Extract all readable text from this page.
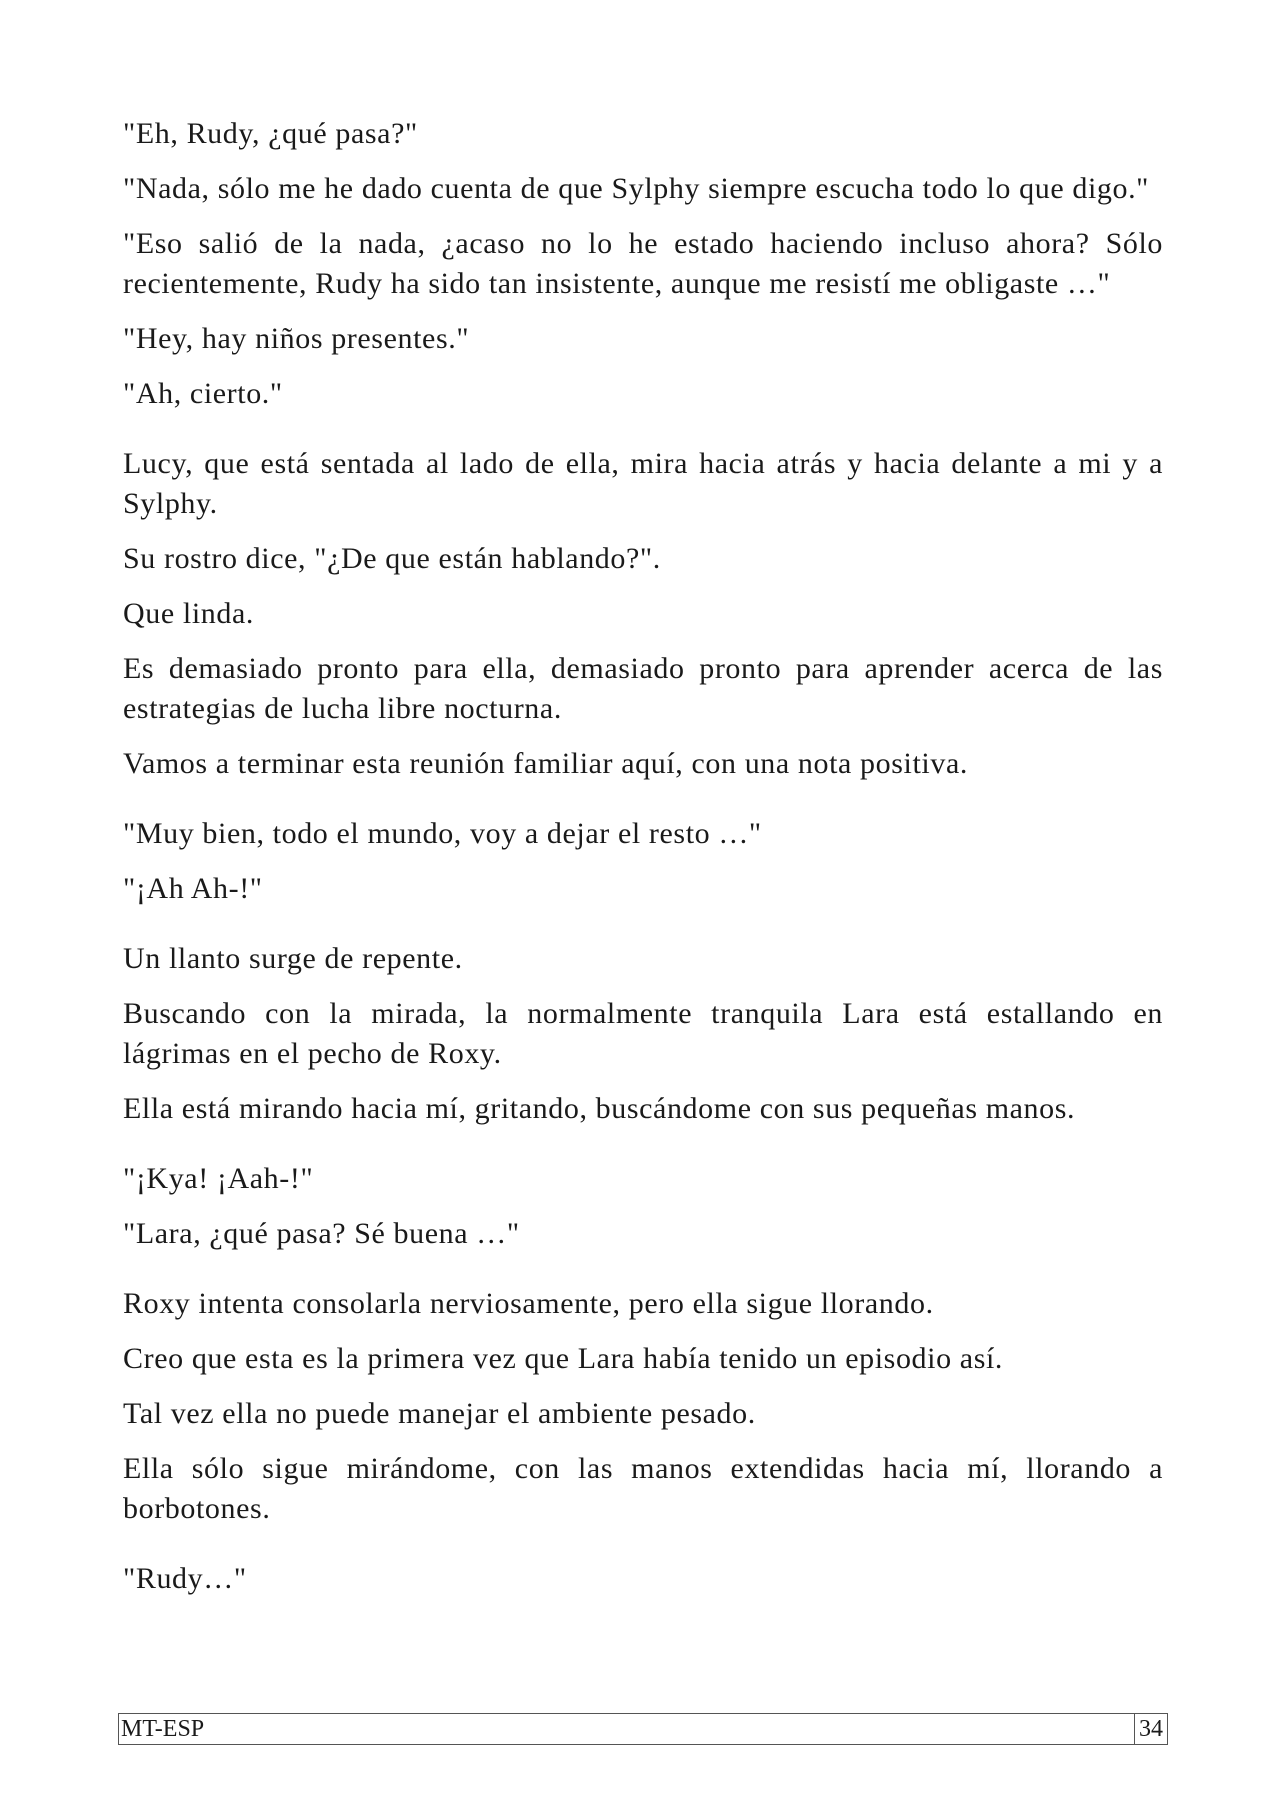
"Eh, Rudy, ¿qué pasa?"

"Nada, sólo me he dado cuenta de que Sylphy siempre escucha todo lo que digo."

"Eso salió de la nada, ¿acaso no lo he estado haciendo incluso ahora? Sólo recientemente, Rudy ha sido tan insistente, aunque me resistí me obligaste …"

"Hey, hay niños presentes."

"Ah, cierto."

Lucy, que está sentada al lado de ella, mira hacia atrás y hacia delante a mi y a Sylphy.

Su rostro dice, "¿De que están hablando?".

Que linda.

Es demasiado pronto para ella, demasiado pronto para aprender acerca de las estrategias de lucha libre nocturna.

Vamos a terminar esta reunión familiar aquí, con una nota positiva.

"Muy bien, todo el mundo, voy a dejar el resto …"

"¡Ah Ah-!"

Un llanto surge de repente.

Buscando con la mirada, la normalmente tranquila Lara está estallando en lágrimas en el pecho de Roxy.

Ella está mirando hacia mí, gritando, buscándome con sus pequeñas manos.

"¡Kya! ¡Aah-!"

"Lara, ¿qué pasa? Sé buena …"

Roxy intenta consolarla nerviosamente, pero ella sigue llorando.

Creo que esta es la primera vez que Lara había tenido un episodio así.

Tal vez ella no puede manejar el ambiente pesado.

Ella sólo sigue mirándome, con las manos extendidas hacia mí, llorando a borbotones.

"Rudy…"

MT-ESP	34
